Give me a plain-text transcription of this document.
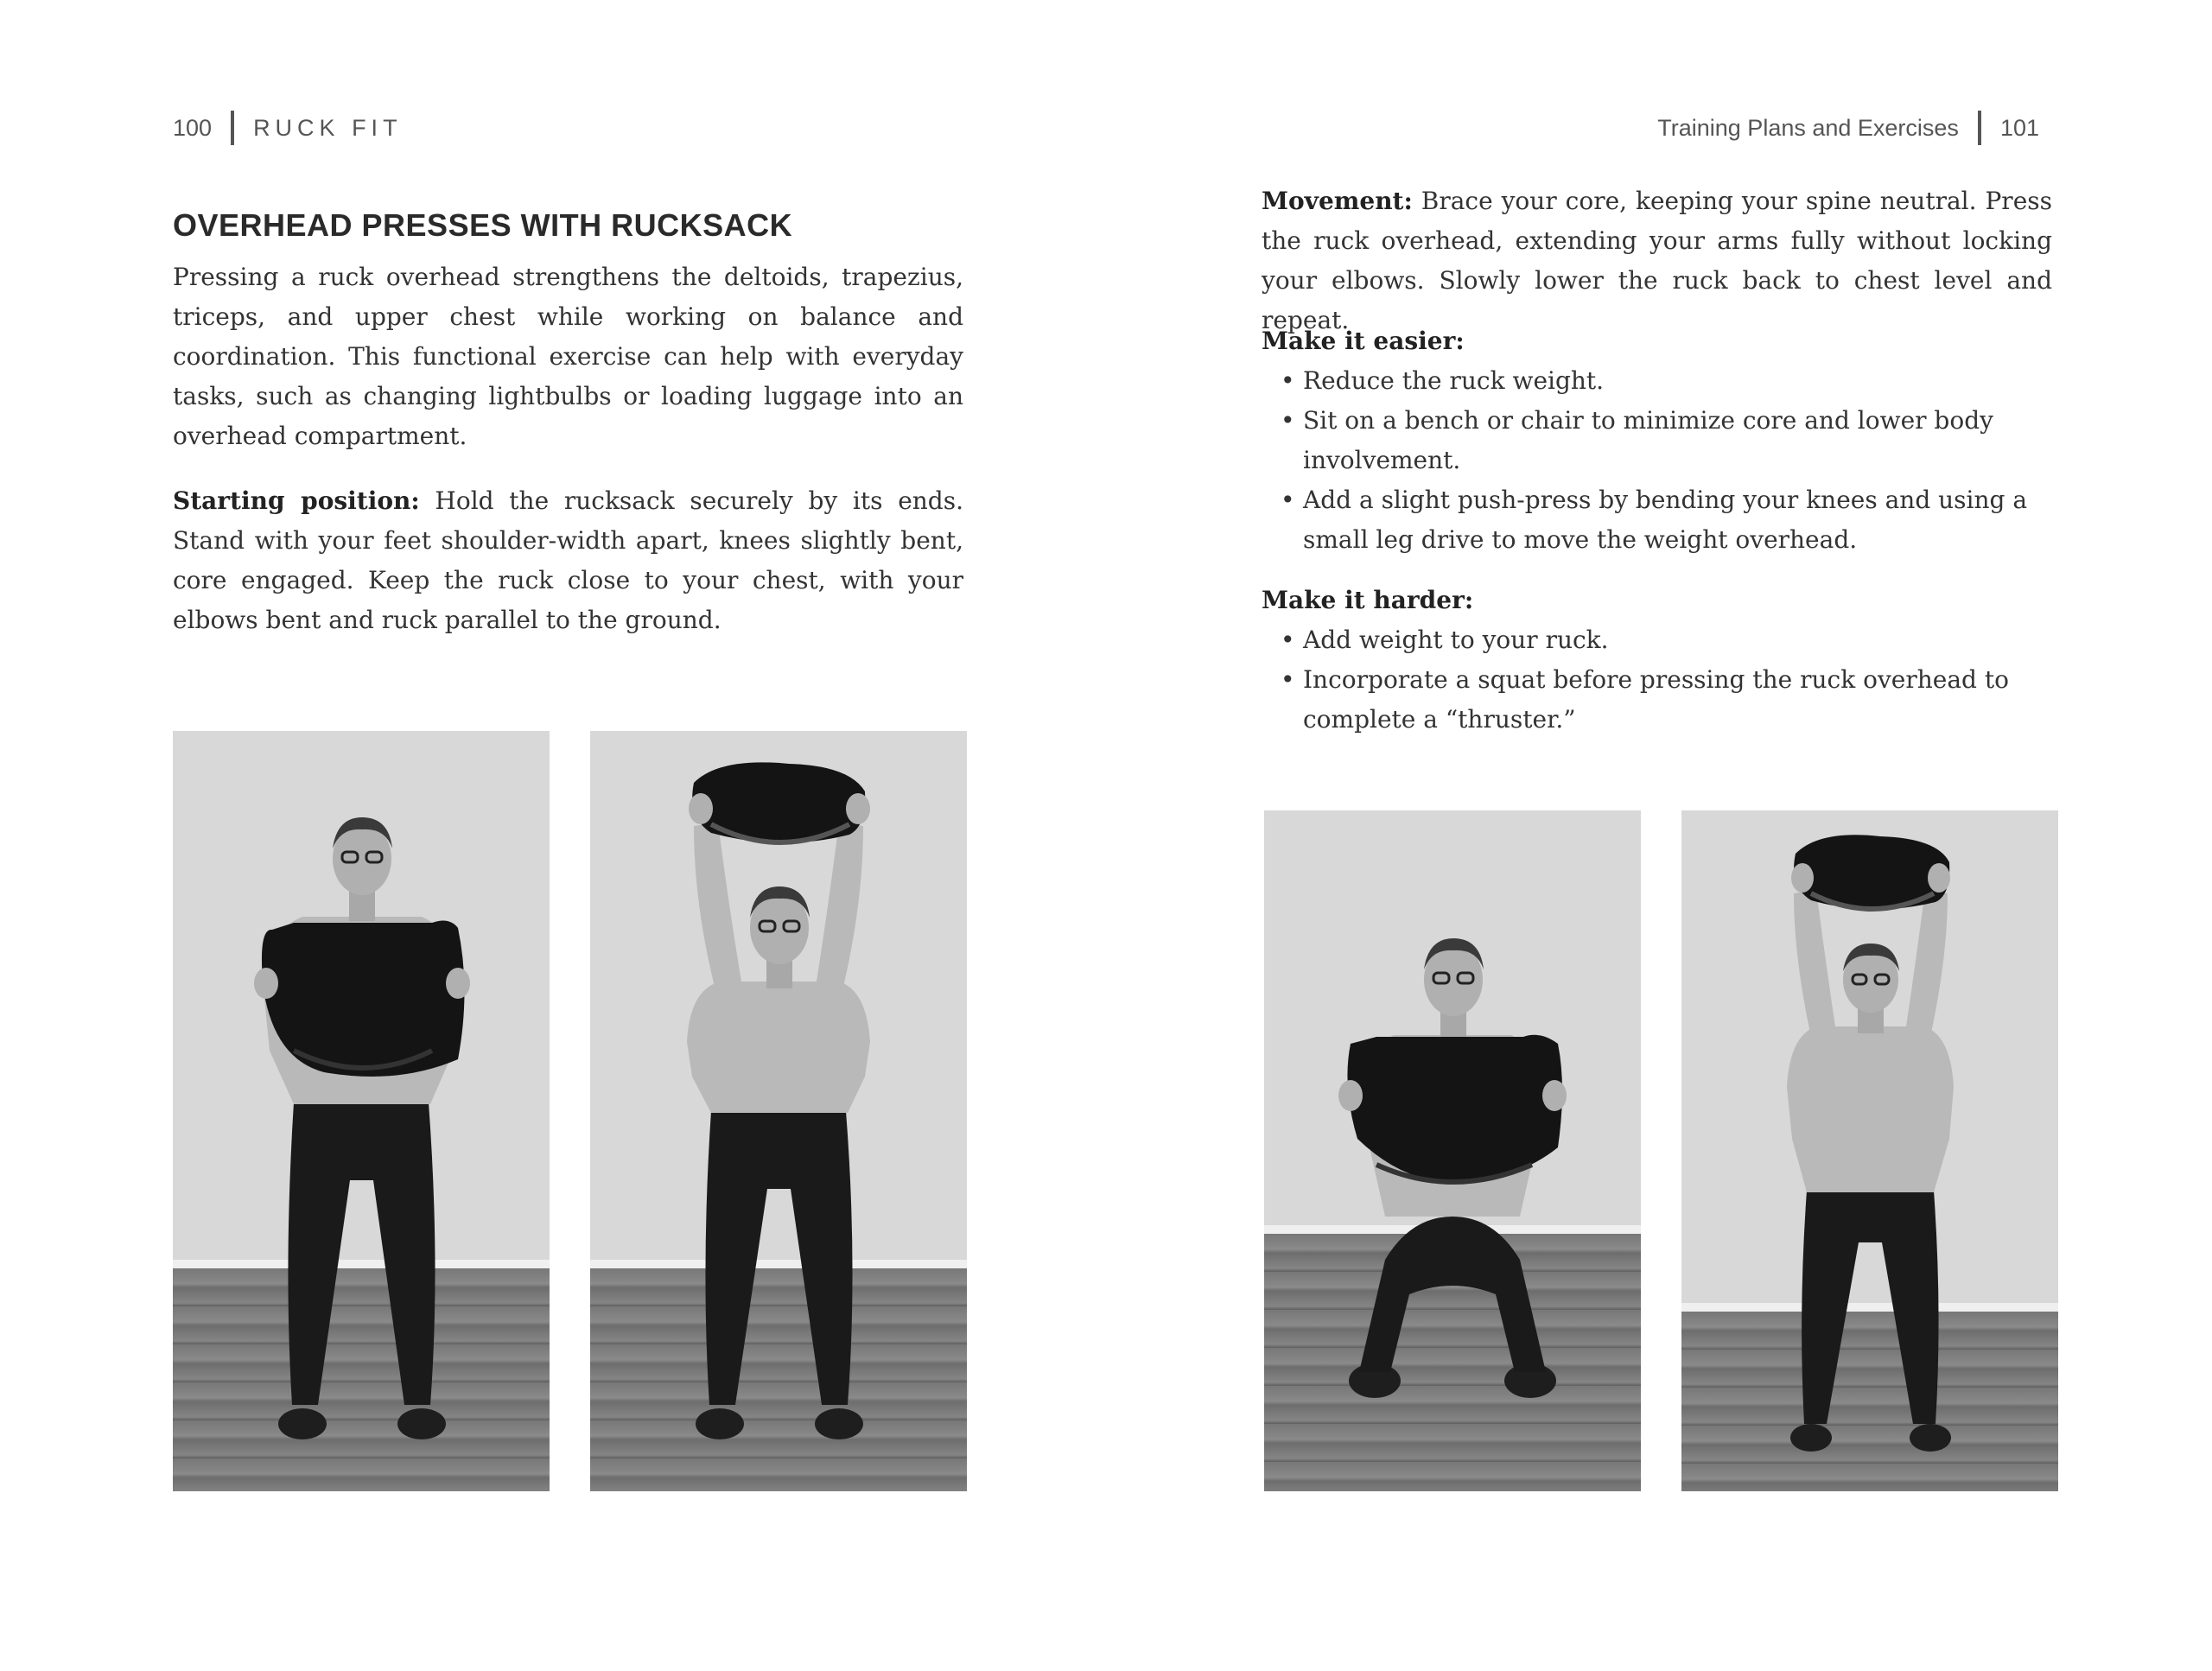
100 RUCK FIT
OVERHEAD PRESSES WITH RUCKSACK

Pressing a ruck overhead strengthens the deltoids, trapezius, triceps, and upper chest while working on balance and coordination. This functional exercise can help with everyday tasks, such as changing lightbulbs or loading luggage into an overhead compartment.

Starting position: Hold the rucksack securely by its ends. Stand with your feet shoulder-width apart, knees slightly bent, core engaged. Keep the ruck close to your chest, with your elbows bent and ruck parallel to the ground.

Training Plans and Exercises 101

Movement: Brace your core, keeping your spine neutral. Press the ruck overhead, extending your arms fully without locking your elbows. Slowly lower the ruck back to chest level and repeat.

Make it easier:
• Reduce the ruck weight.
• Sit on a bench or chair to minimize core and lower body involvement.
• Add a slight push-press by bending your knees and using a small leg drive to move the weight overhead.
Make it harder:
• Add weight to your ruck.
• Incorporate a squat before pressing the ruck overhead to complete a “thruster.”
